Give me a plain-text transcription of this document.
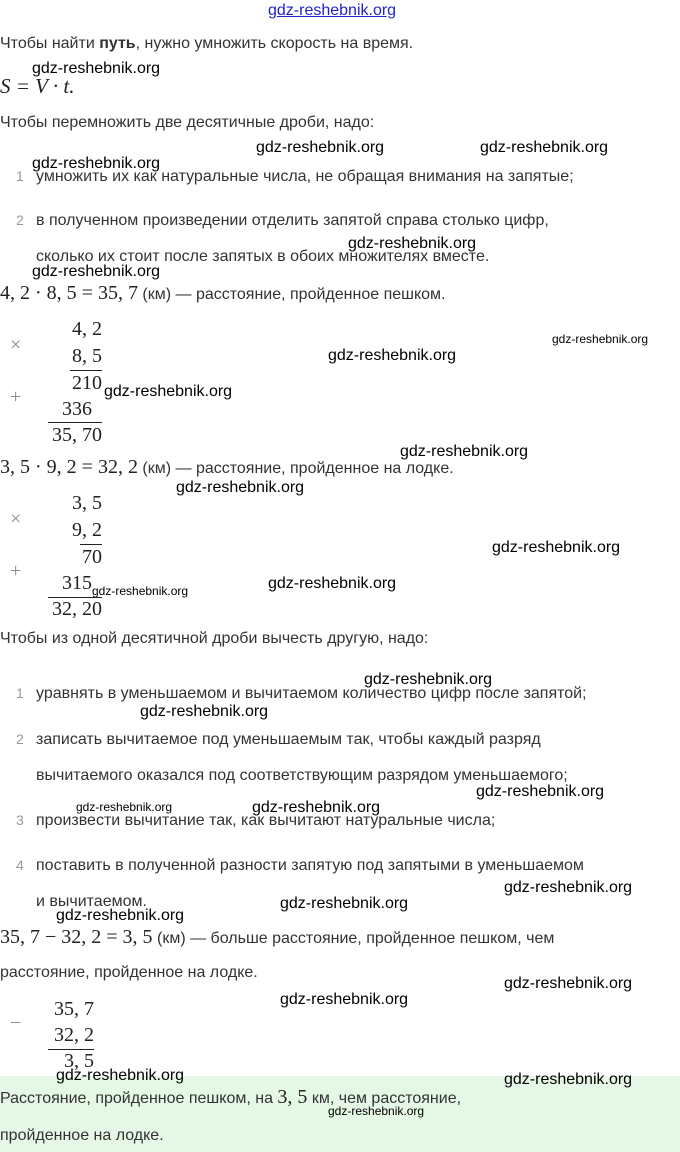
gdz-reshebnik.org
Чтобы найти путь, нужно умножить скорость на время.
S = V · t.
Чтобы перемножить две десятичные дроби, надо:
1 умножить их как натуральные числа, не обращая внимания на запятые;
2 в полученном произведении отделить запятой справа столько цифр,
сколько их стоит после запятых в обоих множителях вместе.
4, 2 · 8, 5 = 35, 7 (км) — расстояние, пройденное пешком.
×
4, 2
8, 5
210
+
336
35, 70
3, 5 · 9, 2 = 32, 2 (км) — расстояние, пройденное на лодке.
×
3, 5
9, 2
70
+
315
32, 20
Чтобы из одной десятичной дроби вычесть другую, надо:
1 уравнять в уменьшаемом и вычитаемом количество цифр после запятой;
2 записать вычитаемое под уменьшаемым так, чтобы каждый разряд
вычитаемого оказался под соответствующим разрядом уменьшаемого;
3 произвести вычитание так, как вычитают натуральные числа;
4 поставить в полученной разности запятую под запятыми в уменьшаемом
и вычитаемом.
35, 7 − 32, 2 = 3, 5 (км) — больше расстояние, пройденное пешком, чем
расстояние, пройденное на лодке.
−
35, 7
32, 2
3, 5
Расстояние, пройденное пешком, на 3, 5 км, чем расстояние,
пройденное на лодке.
gdz-reshebnik.org
gdz-reshebnik.org	gdz-reshebnik.org
gdz-reshebnik.org
gdz-reshebnik.org
gdz-reshebnik.org
gdz-reshebnik.org
gdz-reshebnik.org
gdz-reshebnik.org
gdz-reshebnik.org
gdz-reshebnik.org
gdz-reshebnik.org
gdz-reshebnik.org
gdz-reshebnik.org
gdz-reshebnik.org
gdz-reshebnik.org
gdz-reshebnik.org
gdz-reshebnik.org	gdz-reshebnik.org
gdz-reshebnik.org
gdz-reshebnik.org
gdz-reshebnik.org
gdz-reshebnik.org
gdz-reshebnik.org
gdz-reshebnik.org	gdz-reshebnik.org
gdz-reshebnik.org
